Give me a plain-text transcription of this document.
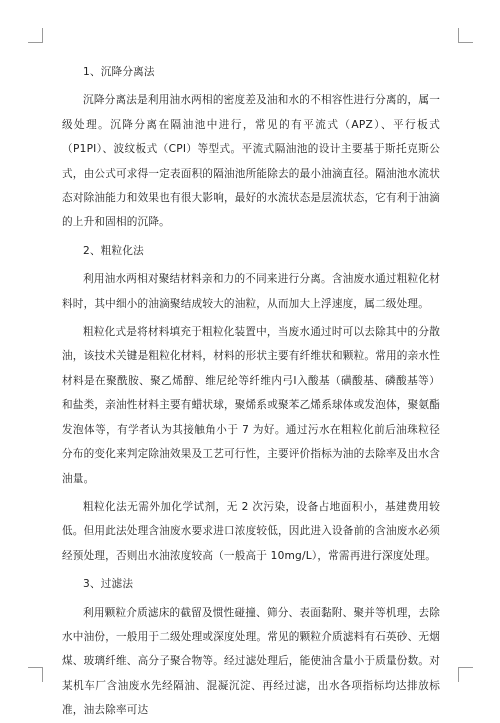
1、沉降分离法

沉降分离法是利用油水两相的密度差及油和水的不相容性进行分离的，属一级处理。沉降分离在隔油池中进行，常见的有平流式（APZ）、平行板式（P1PI）、波纹板式（CPI）等型式。平流式隔油池的设计主要基于斯托克斯公式，由公式可求得一定表面积的隔油池所能除去的最小油滴直径。隔油池水流状态对除油能力和效果也有很大影响，最好的水流状态是层流状态，它有利于油滴的上升和固相的沉降。

2、粗粒化法

利用油水两相对聚结材料亲和力的不同来进行分离。含油废水通过粗粒化材料时，其中细小的油滴聚结成较大的油粒，从而加大上浮速度，属二级处理。

粗粒化式是将材料填充于粗粒化装置中，当废水通过时可以去除其中的分散油，该技术关键是粗粒化材料，材料的形状主要有纤维状和颗粒。常用的亲水性材料是在聚酰胺、聚乙烯醇、维尼纶等纤维内弓Ⅰ入酸基（磺酸基、磷酸基等）和盐类，亲油性材料主要有蜡状球，聚烯系或聚苯乙烯系球体或发泡体，聚氨酯发泡体等，有学者认为其接触角小于 7 为好。通过污水在粗粒化前后油珠粒径分布的变化来判定除油效果及工艺可行性，主要评价指标为油的去除率及出水含油量。

粗粒化法无需外加化学试剂，无 2 次污染，设备占地面积小，基建费用较低。但用此法处理含油废水要求进口浓度较低，因此进入设备前的含油废水必须经预处理，否则出水油浓度较高（一般高于 10mg/L），常需再进行深度处理。

3、过滤法

利用颗粒介质滤床的截留及惯性碰撞、筛分、表面黏附、聚并等机理，去除水中油份，一般用于二级处理或深度处理。常见的颗粒介质滤料有石英砂、无烟煤、玻璃纤维、高分子聚合物等。经过滤处理后，能使油含量小于质量份数。对某机车厂含油废水先经隔油、混凝沉淀、再经过滤，出水各项指标均达排放标准，油去除率可达
